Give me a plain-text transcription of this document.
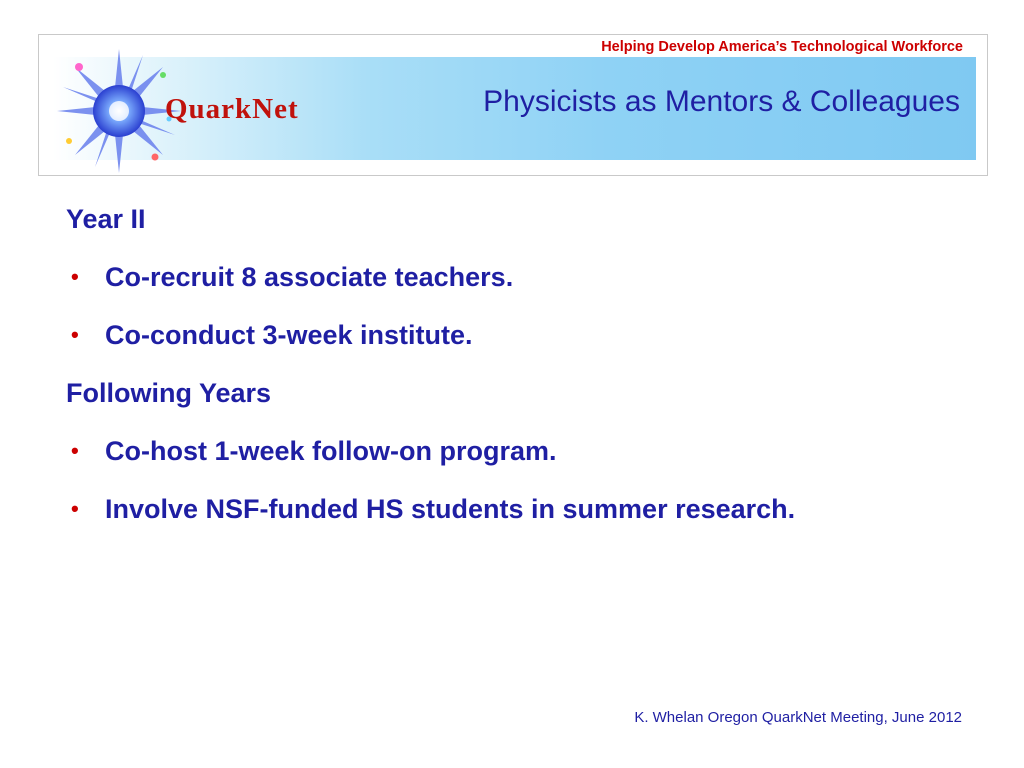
Helping Develop America’s Technological Workforce
QuarkNet	Physicists as Mentors & Colleagues
Year II
• Co-recruit 8 associate teachers.
• Co-conduct 3-week institute.
Following Years
• Co-host 1-week follow-on program.
• Involve NSF-funded HS students in summer research.
K. Whelan Oregon QuarkNet Meeting, June 2012
